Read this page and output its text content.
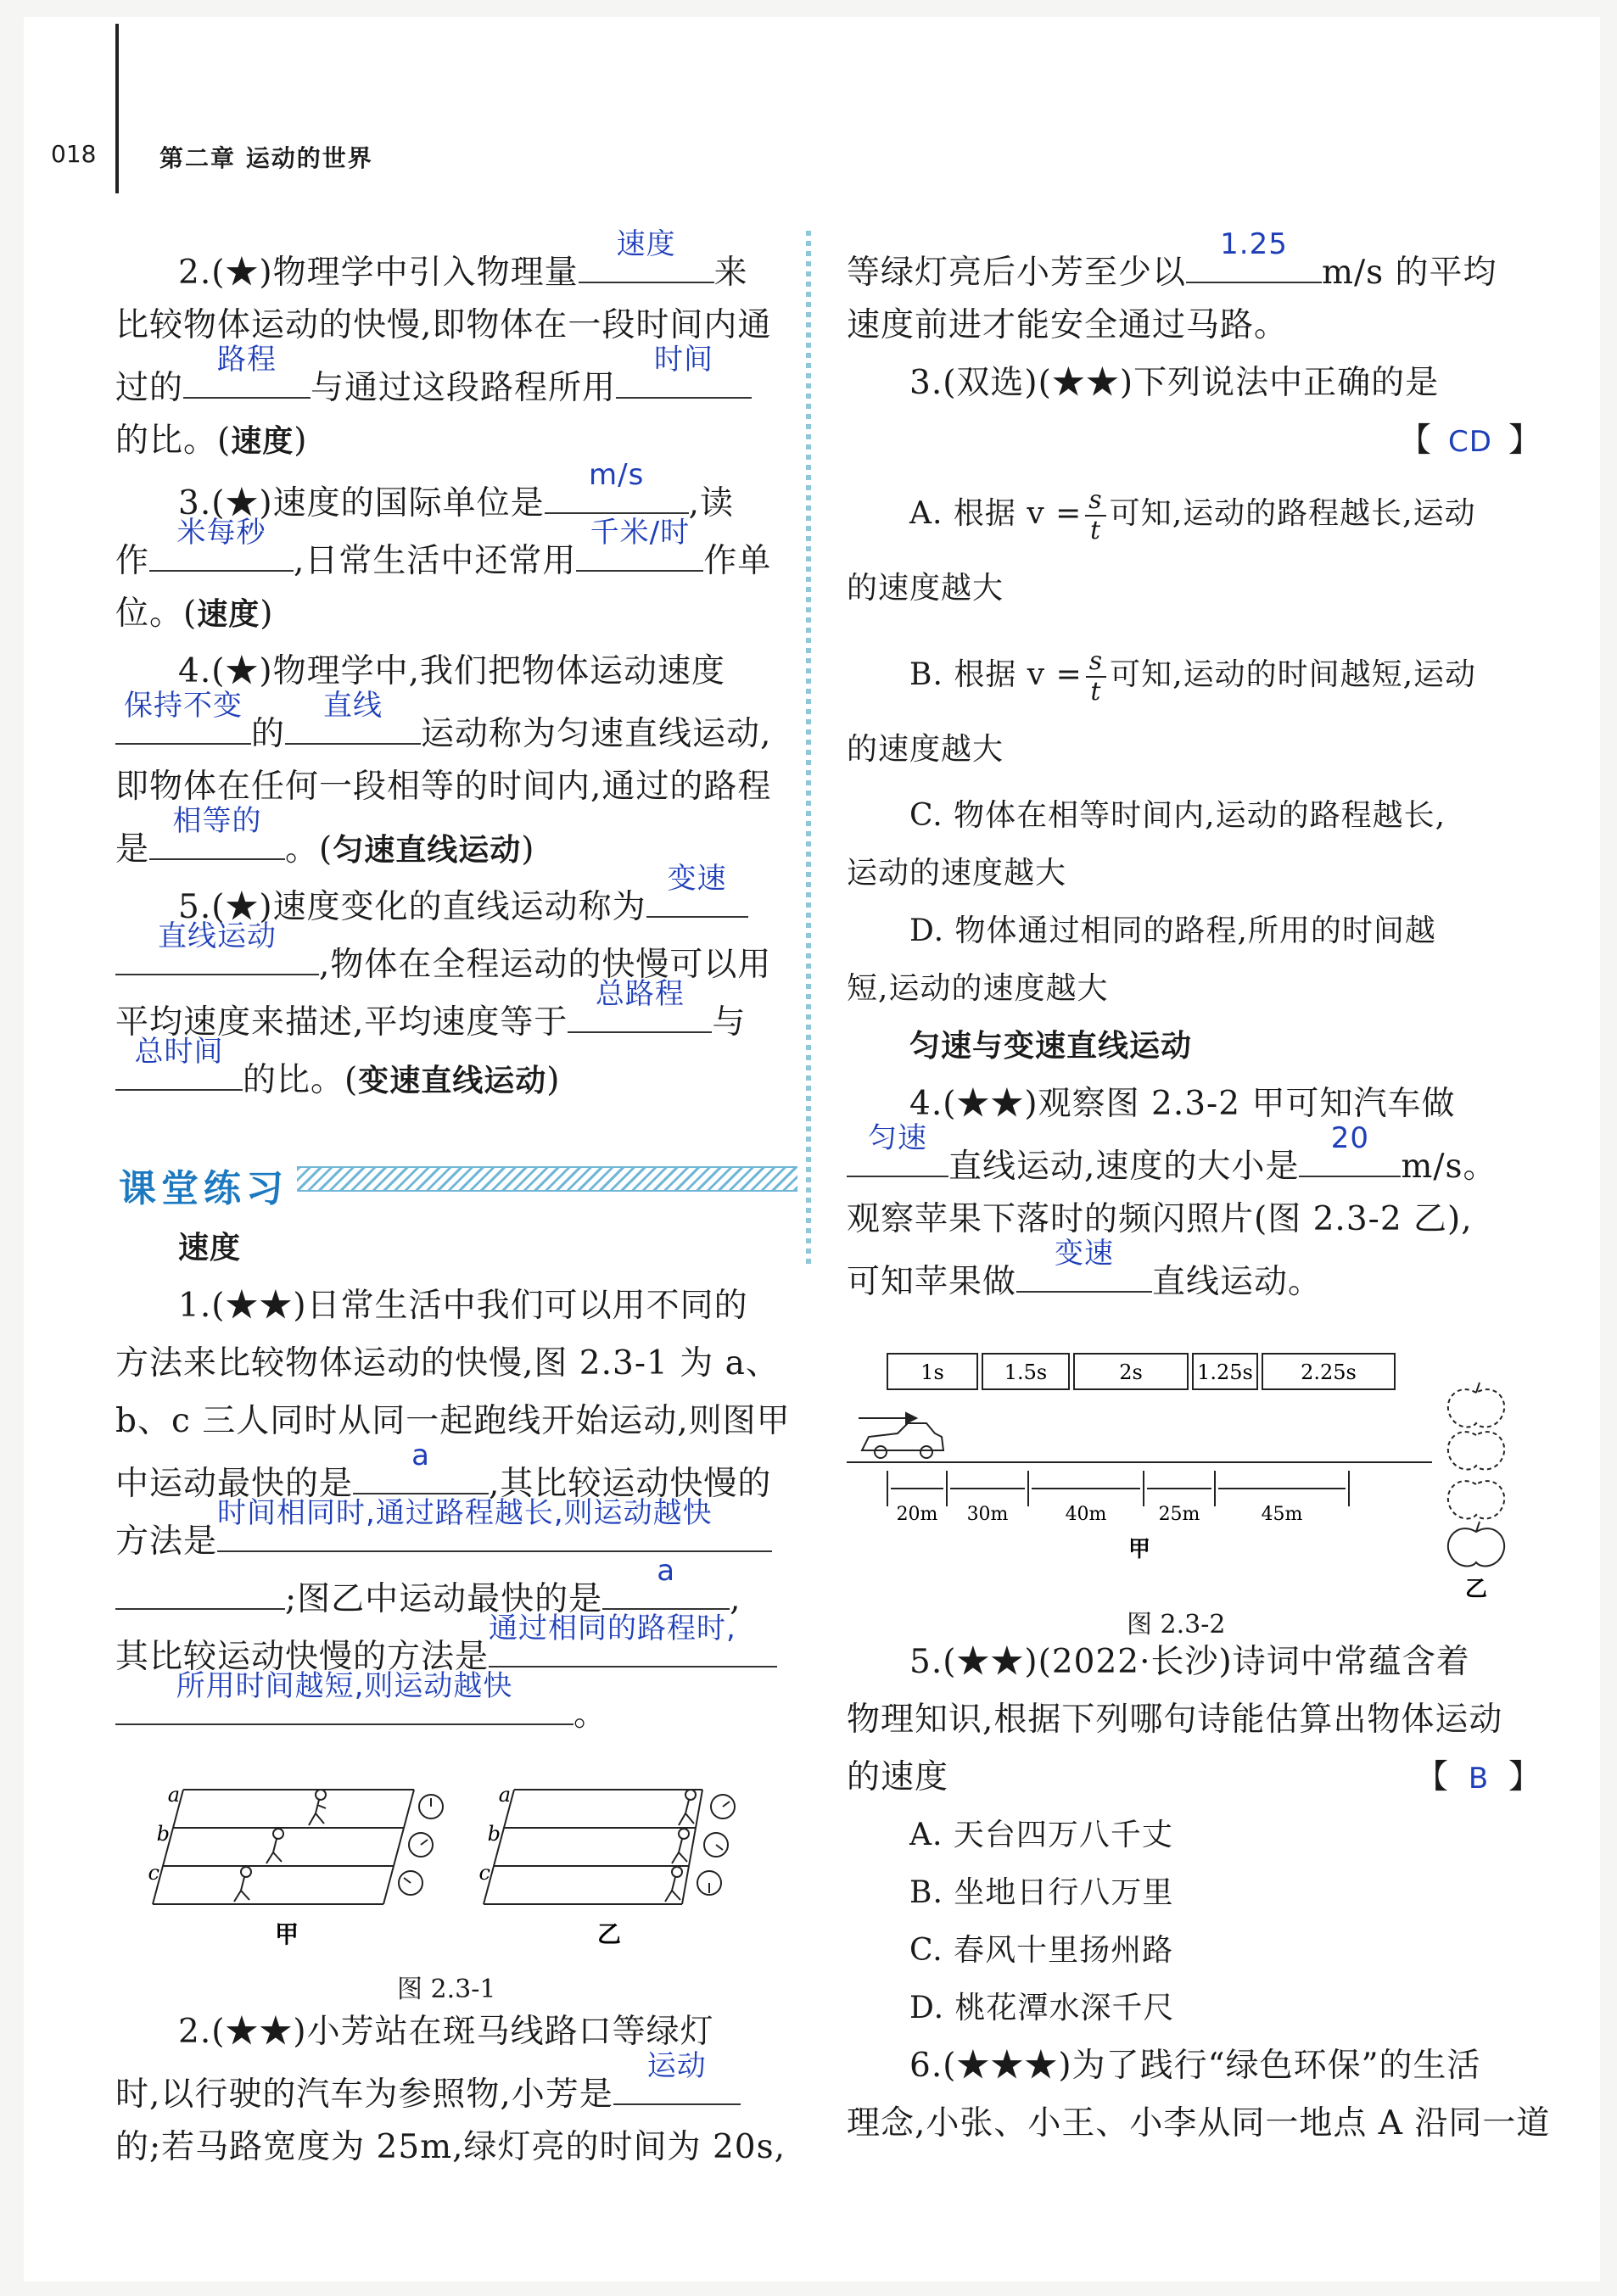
018	第二章 运动的世界
2.(★)物理学中引入物理量
速度
来
比较物体运动的快慢,即物体在一段时间内通
过的
路程
与通过这段路程所用
时间
的比。(速度)
3.(★)速度的国际单位是
m/s
,读
作
米每秒
,日常生活中还常用
千米/时
作单
位。(速度)
4.(★)物理学中,我们把物体运动速度
保持不变
的
直线
运动称为匀速直线运动,
即物体在任何一段相等的时间内,通过的路程
是
相等的
。(匀速直线运动)
5.(★)速度变化的直线运动称为
变速
直线运动
,物体在全程运动的快慢可以用
平均速度来描述,平均速度等于
总路程
与
总时间
的比。(变速直线运动)
课堂练习
速度
1.(★★)日常生活中我们可以用不同的
方法来比较物体运动的快慢,图 2.3-1 为 a、
b、c 三人同时从同一起跑线开始运动,则图甲
中运动最快的是
a
,其比较运动快慢的
方法是
时间相同时,通过路程越长,则运动越快
;图乙中运动最快的是
a
,
其比较运动快慢的方法是
通过相同的路程时,
所用时间越短,则运动越快
。
a
b
c
甲
a
b
c
乙
图 2.3-1
2.(★★)小芳站在斑马线路口等绿灯
时,以行驶的汽车为参照物,小芳是
运动
的;若马路宽度为 25m,绿灯亮的时间为 20s,
等绿灯亮后小芳至少以
1.25
m/s 的平均
速度前进才能安全通过马路。
3.(双选)(★★)下列说法中正确的是
【 CD 】
A. 根据 $v = \frac{s}{t}$ 可知,运动的路程越长,运动
的速度越大
B. 根据 $v = \frac{s}{t}$ 可知,运动的时间越短,运动
的速度越大
C. 物体在相等时间内,运动的路程越长,
运动的速度越大
D. 物体通过相同的路程,所用的时间越
短,运动的速度越大
匀速与变速直线运动
4.(★★)观察图 2.3-2 甲可知汽车做
匀速
直线运动,速度的大小是
20
m/s。
观察苹果下落时的频闪照片(图 2.3-2 乙),
可知苹果做
变速
直线运动。
1s	1.5s	2s	1.25s 2.25s
20m 30m	40m	25m	45m
甲
乙
图 2.3-2
5.(★★)(2022·长沙)诗词中常蕴含着
物理知识,根据下列哪句诗能估算出物体运动
的速度	【 B 】
A. 天台四万八千丈
B. 坐地日行八万里
C. 春风十里扬州路
D. 桃花潭水深千尺
6.(★★★)为了践行“绿色环保”的生活
理念,小张、小王、小李从同一地点 A 沿同一道
